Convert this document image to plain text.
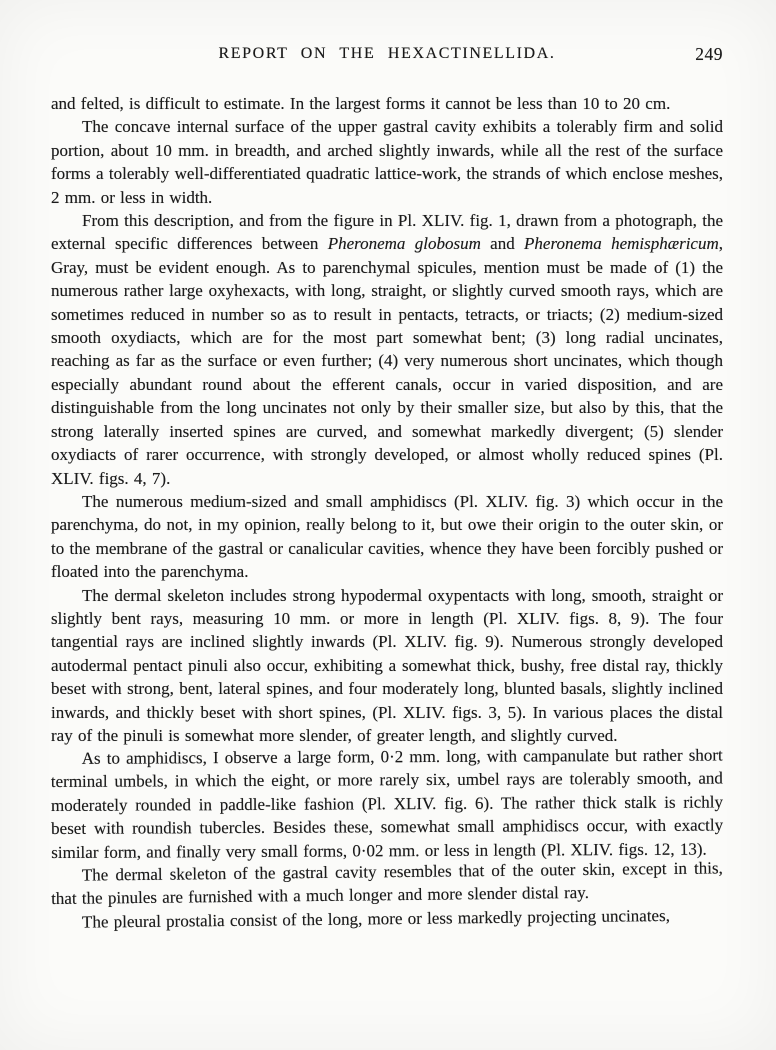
REPORT ON THE HEXACTINELLIDA.	249

and felted, is difficult to estimate. In the largest forms it cannot be less than 10 to 20 cm.

The concave internal surface of the upper gastral cavity exhibits a tolerably firm and solid portion, about 10 mm. in breadth, and arched slightly inwards, while all the rest of the surface forms a tolerably well-differentiated quadratic lattice-work, the strands of which enclose meshes, 2 mm. or less in width.

From this description, and from the figure in Pl. XLIV. fig. 1, drawn from a photograph, the external specific differences between Pheronema globosum and Pheronema hemisphæricum, Gray, must be evident enough. As to parenchymal spicules, mention must be made of (1) the numerous rather large oxyhexacts, with long, straight, or slightly curved smooth rays, which are sometimes reduced in number so as to result in pentacts, tetracts, or triacts; (2) medium-sized smooth oxydiacts, which are for the most part somewhat bent; (3) long radial uncinates, reaching as far as the surface or even further; (4) very numerous short uncinates, which though especially abundant round about the efferent canals, occur in varied disposition, and are distinguishable from the long uncinates not only by their smaller size, but also by this, that the strong laterally inserted spines are curved, and somewhat markedly divergent; (5) slender oxydiacts of rarer occurrence, with strongly developed, or almost wholly reduced spines (Pl. XLIV. figs. 4, 7).

The numerous medium-sized and small amphidiscs (Pl. XLIV. fig. 3) which occur in the parenchyma, do not, in my opinion, really belong to it, but owe their origin to the outer skin, or to the membrane of the gastral or canalicular cavities, whence they have been forcibly pushed or floated into the parenchyma.

The dermal skeleton includes strong hypodermal oxypentacts with long, smooth, straight or slightly bent rays, measuring 10 mm. or more in length (Pl. XLIV. figs. 8, 9). The four tangential rays are inclined slightly inwards (Pl. XLIV. fig. 9). Numerous strongly developed autodermal pentact pinuli also occur, exhibiting a somewhat thick, bushy, free distal ray, thickly beset with strong, bent, lateral spines, and four moderately long, blunted basals, slightly inclined inwards, and thickly beset with short spines, (Pl. XLIV. figs. 3, 5). In various places the distal ray of the pinuli is somewhat more slender, of greater length, and slightly curved.

As to amphidiscs, I observe a large form, 0·2 mm. long, with campanulate but rather short terminal umbels, in which the eight, or more rarely six, umbel rays are tolerably smooth, and moderately rounded in paddle-like fashion (Pl. XLIV. fig. 6). The rather thick stalk is richly beset with roundish tubercles. Besides these, somewhat small amphidiscs occur, with exactly similar form, and finally very small forms, 0·02 mm. or less in length (Pl. XLIV. figs. 12, 13).

The dermal skeleton of the gastral cavity resembles that of the outer skin, except in this, that the pinules are furnished with a much longer and more slender distal ray.

The pleural prostalia consist of the long, more or less markedly projecting uncinates,
